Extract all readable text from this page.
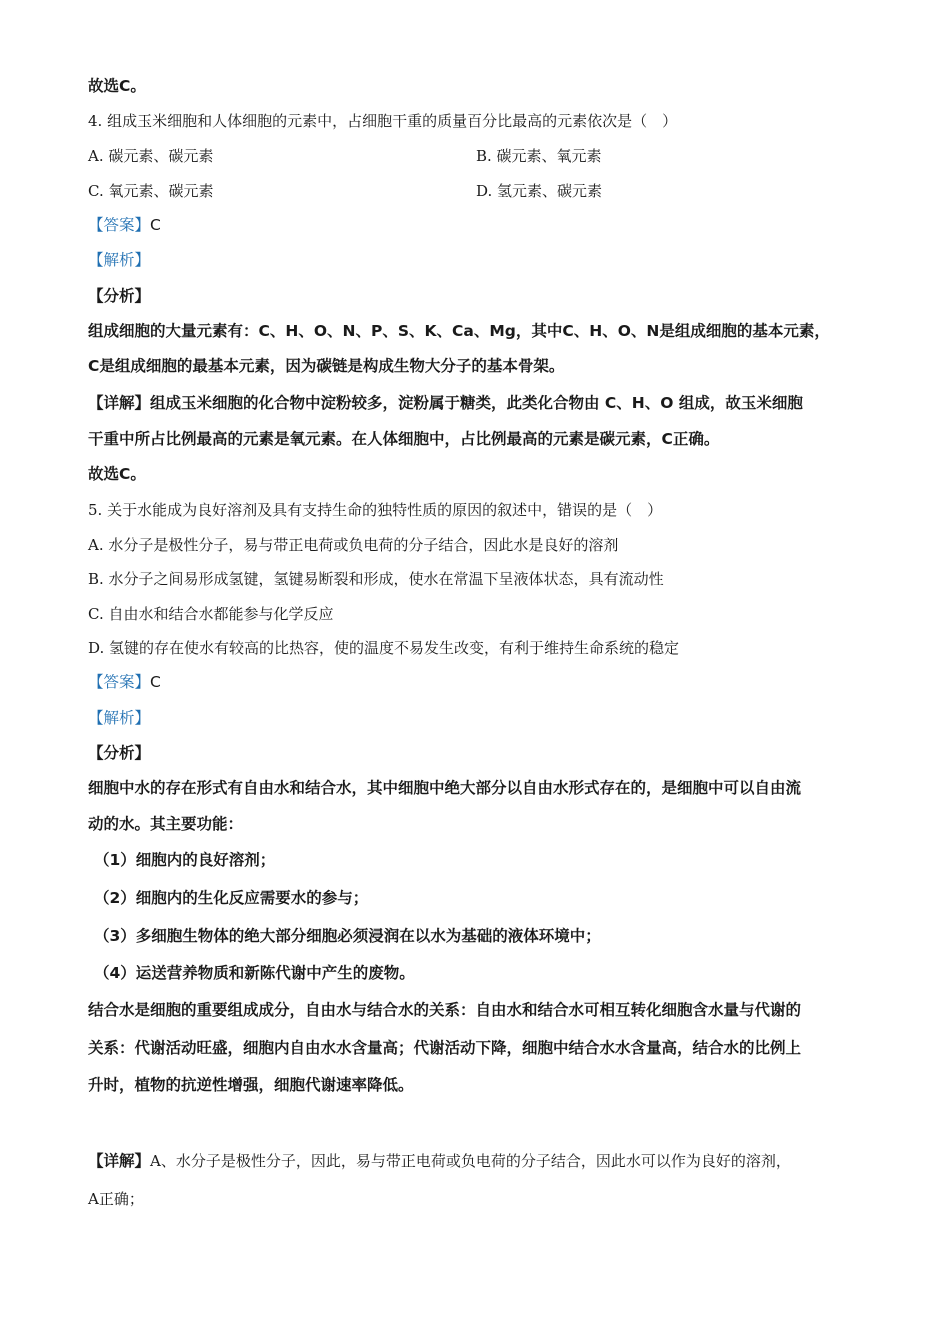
故选C。

4. 组成玉米细胞和人体细胞的元素中，占细胞干重的质量百分比最高的元素依次是（　）

A. 碳元素、碳元素	B. 碳元素、氧元素

C. 氧元素、碳元素	D. 氢元素、碳元素

【答案】C

【解析】

【分析】

组成细胞的大量元素有：C、H、O、N、P、S、K、Ca、Mg，其中C、H、O、N是组成细胞的基本元素，

C是组成细胞的最基本元素，因为碳链是构成生物大分子的基本骨架。

【详解】组成玉米细胞的化合物中淀粉较多，淀粉属于糖类，此类化合物由 C、H、O 组成，故玉米细胞

干重中所占比例最高的元素是氧元素。在人体细胞中，占比例最高的元素是碳元素，C正确。

故选C。

5. 关于水能成为良好溶剂及具有支持生命的独特性质的原因的叙述中，错误的是（　）

A. 水分子是极性分子，易与带正电荷或负电荷的分子结合，因此水是良好的溶剂

B. 水分子之间易形成氢键，氢键易断裂和形成，使水在常温下呈液体状态，具有流动性

C. 自由水和结合水都能参与化学反应

D. 氢键的存在使水有较高的比热容，使的温度不易发生改变，有利于维持生命系统的稳定

【答案】C

【解析】

【分析】

细胞中水的存在形式有自由水和结合水，其中细胞中绝大部分以自由水形式存在的，是细胞中可以自由流

动的水。其主要功能：

（1）细胞内的良好溶剂；

（2）细胞内的生化反应需要水的参与；

（3）多细胞生物体的绝大部分细胞必须浸润在以水为基础的液体环境中；

（4）运送营养物质和新陈代谢中产生的废物。

结合水是细胞的重要组成成分，自由水与结合水的关系：自由水和结合水可相互转化细胞含水量与代谢的

关系：代谢活动旺盛，细胞内自由水水含量高；代谢活动下降，细胞中结合水水含量高，结合水的比例上

升时，植物的抗逆性增强，细胞代谢速率降低。

【详解】A、水分子是极性分子，因此，易与带正电荷或负电荷的分子结合，因此水可以作为良好的溶剂，

A正确；
